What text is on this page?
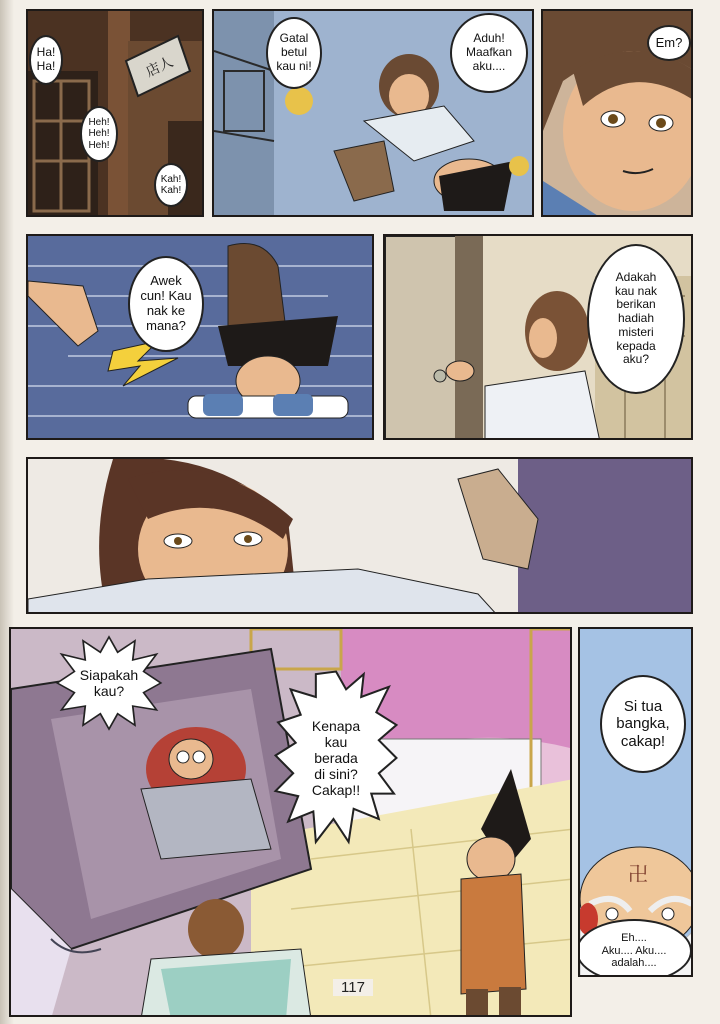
店人
Ha!
Ha!
Heh!
Heh!
Heh!
Kah!
Kah!
Gatal
betul
kau ni!
Aduh!
Maafkan
aku....
Em?
Awek
cun! Kau
nak ke
mana?
Adakah
kau nak
berikan
hadiah
misteri
kepada
aku?
Siapakah
kau?
Kenapa
kau
berada
di sini?
Cakap!!
卍
Si tua
bangka,
cakap!
Eh....
Aku.... Aku....
adalah....
117
